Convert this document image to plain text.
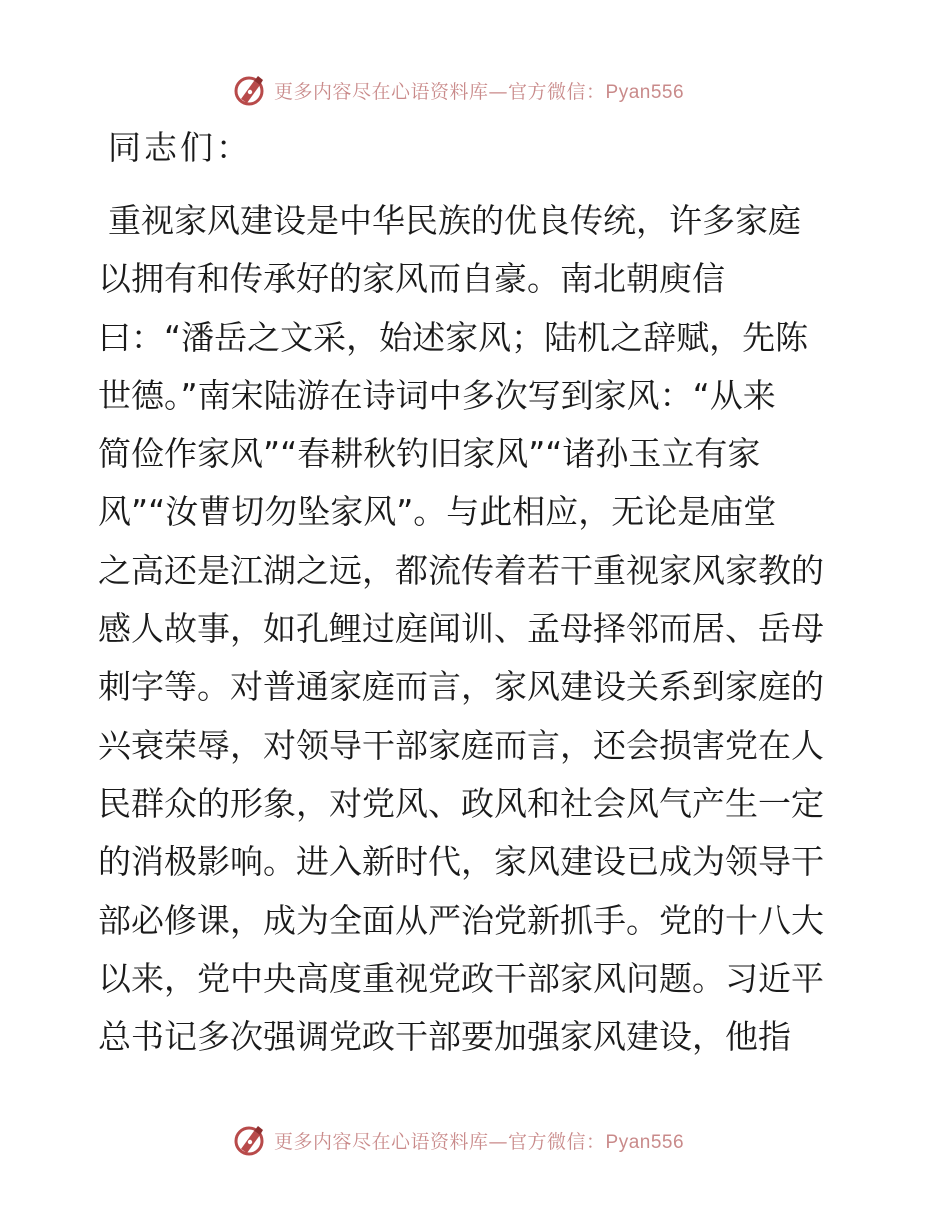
更多内容尽在心语资料库—官方微信：Pyan556
同志们：
重视家风建设是中华民族的优良传统，许多家庭
以拥有和传承好的家风而自豪。南北朝庾信
曰：“潘岳之文采，始述家风；陆机之辞赋，先陈
世德。”南宋陆游在诗词中多次写到家风：“从来
简俭作家风”“春耕秋钓旧家风”“诸孙玉立有家
风”“汝曹切勿坠家风”。与此相应，无论是庙堂
之高还是江湖之远，都流传着若干重视家风家教的
感人故事，如孔鲤过庭闻训、孟母择邻而居、岳母
刺字等。对普通家庭而言，家风建设关系到家庭的
兴衰荣辱，对领导干部家庭而言，还会损害党在人
民群众的形象，对党风、政风和社会风气产生一定
的消极影响。进入新时代，家风建设已成为领导干
部必修课，成为全面从严治党新抓手。党的十八大
以来，党中央高度重视党政干部家风问题。习近平
总书记多次强调党政干部要加强家风建设，他指
更多内容尽在心语资料库—官方微信：Pyan556
